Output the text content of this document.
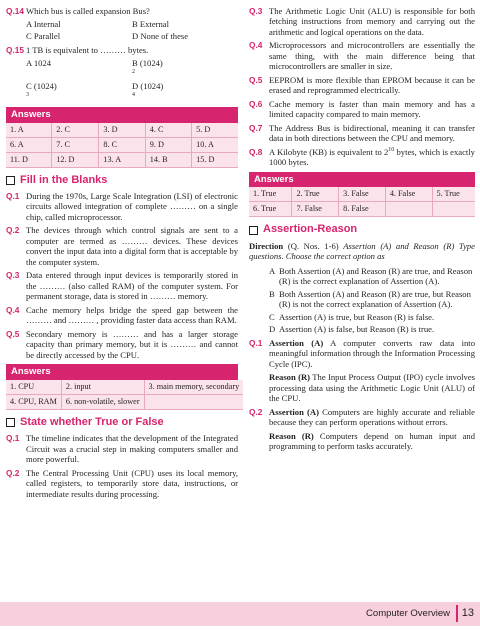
Q.14 Which bus is called expansion Bus?
A Internal	B External
C Parallel	D None of these
Q.15 1 TB is equivalent to ……… bytes.
A 1024	B (1024)
$^2$
C (1024)
$^3$
D (1024)
$^4$
Answers
1. A	2. C	3. D	4. C	5. D
6. A	7. C	8. C	9. D	10. A
11. D	12. D	13. A	14. B	15. D
Fill in the Blanks
Q.1 During the 1970s, Large Scale Integration (LSI) of electronic circuits allowed integration of complete ……… on a single chip, called microprocessor.
Q.2 The devices through which control signals are sent to a computer are termed as ……… devices. These devices convert the input data into a digital form that is acceptable by the computer system.
Q.3 Data entered through input devices is temporarily stored in the ……… (also called RAM) of the computer system. For permanent storage, data is stored in ……… memory.
Q.4 Cache memory helps bridge the speed gap between the ……… and ……… , providing faster data access than RAM.
Q.5 Secondary memory is ……… and has a larger storage capacity than primary memory, but it is ……… and cannot be directly accessed by the CPU.
Answers
1. CPU	2. input	3. main memory, secondary
4. CPU, RAM	6. non-volatile, slower	
State whether True or False
Q.1 The timeline indicates that the development of the Integrated Circuit was a crucial step in making computers smaller and more powerful.
Q.2 The Central Processing Unit (CPU) uses its local memory, called registers, to temporarily store data, instructions, or intermediate results during processing.
Q.3 The Arithmetic Logic Unit (ALU) is responsible for both fetching instructions from memory and carrying out the arithmetic and logical operations on the data.
Q.4 Microprocessors and microcontrollers are essentially the same thing, with the main difference being that microcontrollers are smaller in size.
Q.5 EEPROM is more flexible than EPROM because it can be erased and reprogrammed electrically.
Q.6 Cache memory is faster than main memory and has a limited capacity compared to main memory.
Q.7 The Address Bus is bidirectional, meaning it can transfer data in both directions between the CPU and memory.
Q.8 A Kilobyte (KB) is equivalent to $2^{10}$ bytes, which is exactly 1000 bytes.
Answers
1. True	2. True	3. False	4. False	5. True
6. True	7. False	8. False		
Assertion-Reason
Direction (Q. Nos. 1-6) Assertion (A) and Reason (R) Type questions. Choose the correct option as
A Both Assertion (A) and Reason (R) are true, and Reason (R) is the correct explanation of Assertion (A).
B Both Assertion (A) and Reason (R) are true, but Reason (R) is not the correct explanation of Assertion (A).
C Assertion (A) is true, but Reason (R) is false.
D Assertion (A) is false, but Reason (R) is true.
Q.1 Assertion (A) A computer converts raw data into meaningful information through the Information Processing Cycle (IPC).
Reason (R) The Input Process Output (IPO) cycle involves processing data using the Arithmetic Logic Unit (ALU) of the CPU.
Q.2 Assertion (A) Computers are highly accurate and reliable because they can perform operations without errors.
Reason (R) Computers depend on human input and programming to perform tasks accurately.
Computer Overview 13
